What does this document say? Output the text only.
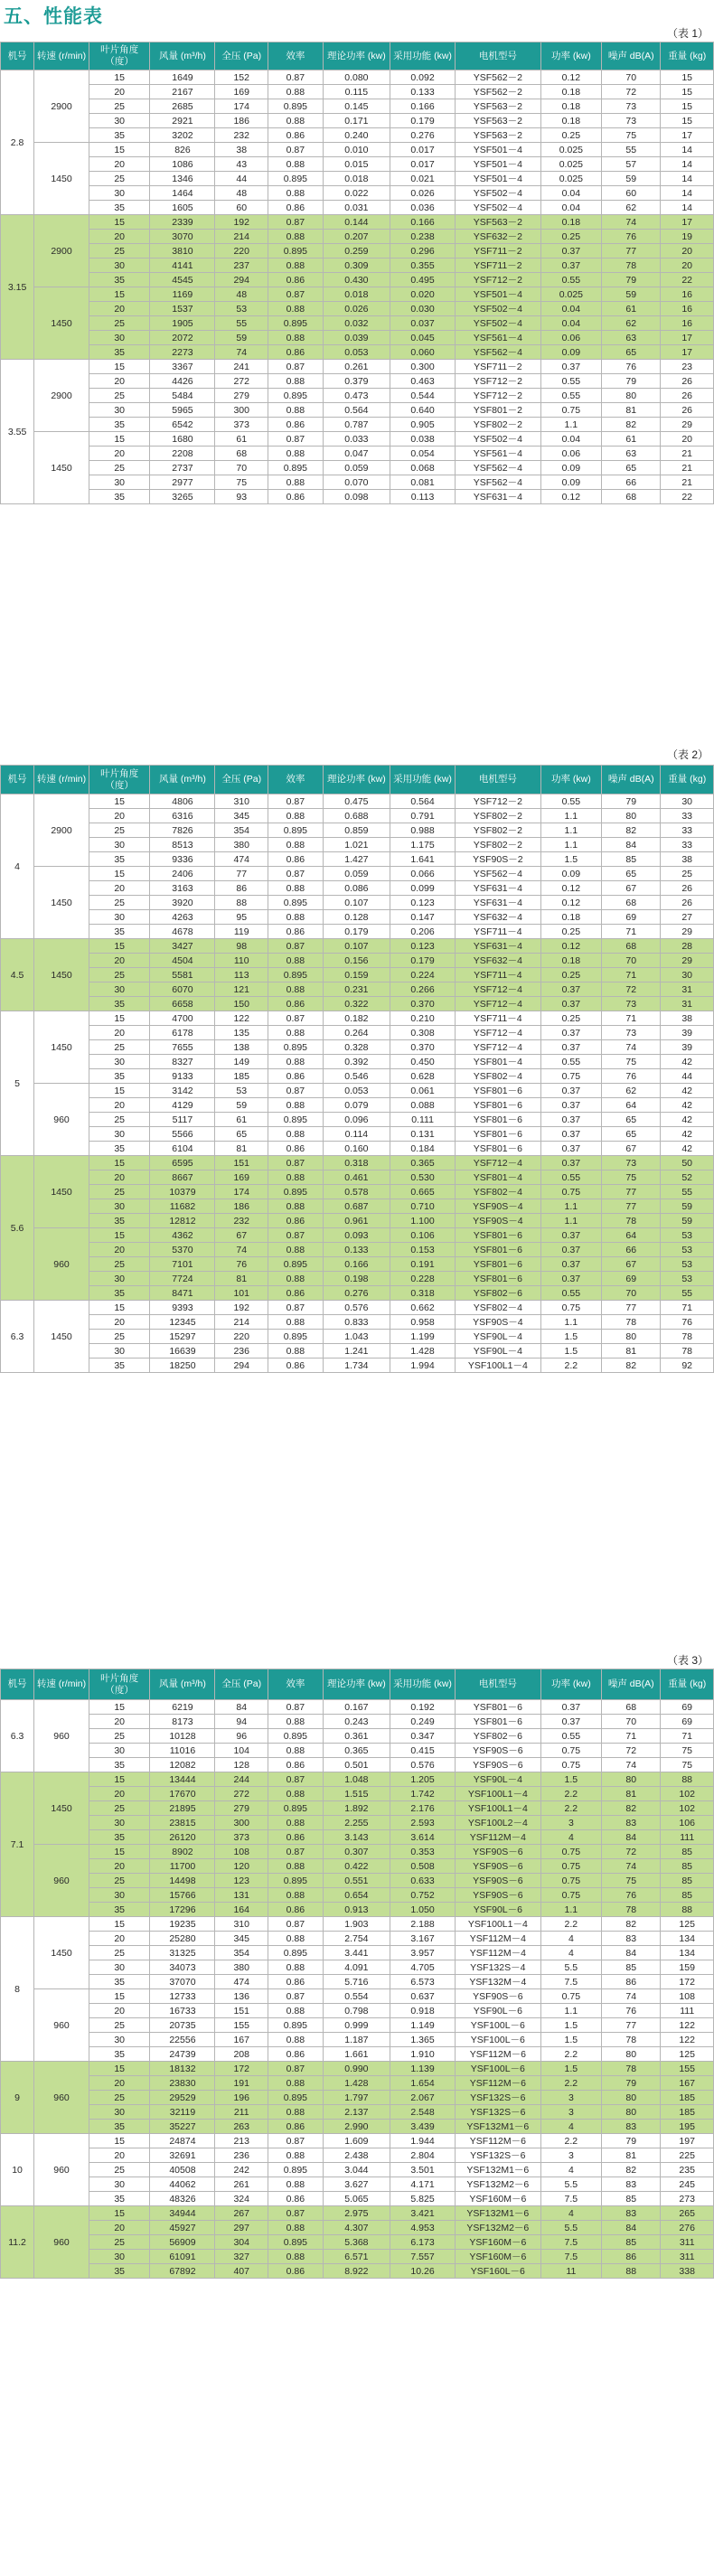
五、性能表
（表 1）
机号	转速 (r/min)	叶片角度 （度）	风量 (m³/h)	全压 (Pa)	效率	理论功率 (kw)	采用功能 (kw)	电机型号	功率 (kw)	噪声 dB(A)	重量 (kg)
2.8	2900	15	1649	152	0.87	0.080	0.092	YSF562－2	0.12	70	15
		20	2167	169	0.88	0.115	0.133	YSF562－2	0.18	72	15
		25	2685	174	0.895	0.145	0.166	YSF563－2	0.18	73	15
		30	2921	186	0.88	0.171	0.179	YSF563－2	0.18	73	15
		35	3202	232	0.86	0.240	0.276	YSF563－2	0.25	75	17
	1450	15	826	38	0.87	0.010	0.017	YSF501－4	0.025	55	14
		20	1086	43	0.88	0.015	0.017	YSF501－4	0.025	57	14
		25	1346	44	0.895	0.018	0.021	YSF501－4	0.025	59	14
		30	1464	48	0.88	0.022	0.026	YSF502－4	0.04	60	14
		35	1605	60	0.86	0.031	0.036	YSF502－4	0.04	62	14
3.15	2900	15	2339	192	0.87	0.144	0.166	YSF563－2	0.18	74	17
		20	3070	214	0.88	0.207	0.238	YSF632－2	0.25	76	19
		25	3810	220	0.895	0.259	0.296	YSF711－2	0.37	77	20
		30	4141	237	0.88	0.309	0.355	YSF711－2	0.37	78	20
		35	4545	294	0.86	0.430	0.495	YSF712－2	0.55	79	22
	1450	15	1169	48	0.87	0.018	0.020	YSF501－4	0.025	59	16
		20	1537	53	0.88	0.026	0.030	YSF502－4	0.04	61	16
		25	1905	55	0.895	0.032	0.037	YSF502－4	0.04	62	16
		30	2072	59	0.88	0.039	0.045	YSF561－4	0.06	63	17
		35	2273	74	0.86	0.053	0.060	YSF562－4	0.09	65	17
3.55	2900	15	3367	241	0.87	0.261	0.300	YSF711－2	0.37	76	23
		20	4426	272	0.88	0.379	0.463	YSF712－2	0.55	79	26
		25	5484	279	0.895	0.473	0.544	YSF712－2	0.55	80	26
		30	5965	300	0.88	0.564	0.640	YSF801－2	0.75	81	26
		35	6542	373	0.86	0.787	0.905	YSF802－2	1.1	82	29
	1450	15	1680	61	0.87	0.033	0.038	YSF502－4	0.04	61	20
		20	2208	68	0.88	0.047	0.054	YSF561－4	0.06	63	21
		25	2737	70	0.895	0.059	0.068	YSF562－4	0.09	65	21
		30	2977	75	0.88	0.070	0.081	YSF562－4	0.09	66	21
		35	3265	93	0.86	0.098	0.113	YSF631－4	0.12	68	22
（表 2）
机号	转速 (r/min)	叶片角度 （度）	风量 (m³/h)	全压 (Pa)	效率	理论功率 (kw)	采用功能 (kw)	电机型号	功率 (kw)	噪声 dB(A)	重量 (kg)
4	2900	15	4806	310	0.87	0.475	0.564	YSF712－2	0.55	79	30
		20	6316	345	0.88	0.688	0.791	YSF802－2	1.1	80	33
		25	7826	354	0.895	0.859	0.988	YSF802－2	1.1	82	33
		30	8513	380	0.88	1.021	1.175	YSF802－2	1.1	84	33
		35	9336	474	0.86	1.427	1.641	YSF90S－2	1.5	85	38
	1450	15	2406	77	0.87	0.059	0.066	YSF562－4	0.09	65	25
		20	3163	86	0.88	0.086	0.099	YSF631－4	0.12	67	26
		25	3920	88	0.895	0.107	0.123	YSF631－4	0.12	68	26
		30	4263	95	0.88	0.128	0.147	YSF632－4	0.18	69	27
		35	4678	119	0.86	0.179	0.206	YSF711－4	0.25	71	29
4.5	1450	15	3427	98	0.87	0.107	0.123	YSF631－4	0.12	68	28
		20	4504	110	0.88	0.156	0.179	YSF632－4	0.18	70	29
		25	5581	113	0.895	0.159	0.224	YSF711－4	0.25	71	30
		30	6070	121	0.88	0.231	0.266	YSF712－4	0.37	72	31
		35	6658	150	0.86	0.322	0.370	YSF712－4	0.37	73	31
5	1450	15	4700	122	0.87	0.182	0.210	YSF711－4	0.25	71	38
		20	6178	135	0.88	0.264	0.308	YSF712－4	0.37	73	39
		25	7655	138	0.895	0.328	0.370	YSF712－4	0.37	74	39
		30	8327	149	0.88	0.392	0.450	YSF801－4	0.55	75	42
		35	9133	185	0.86	0.546	0.628	YSF802－4	0.75	76	44
	960	15	3142	53	0.87	0.053	0.061	YSF801－6	0.37	62	42
		20	4129	59	0.88	0.079	0.088	YSF801－6	0.37	64	42
		25	5117	61	0.895	0.096	0.111	YSF801－6	0.37	65	42
		30	5566	65	0.88	0.114	0.131	YSF801－6	0.37	65	42
		35	6104	81	0.86	0.160	0.184	YSF801－6	0.37	67	42
5.6	1450	15	6595	151	0.87	0.318	0.365	YSF712－4	0.37	73	50
		20	8667	169	0.88	0.461	0.530	YSF801－4	0.55	75	52
		25	10379	174	0.895	0.578	0.665	YSF802－4	0.75	77	55
		30	11682	186	0.88	0.687	0.710	YSF90S－4	1.1	77	59
		35	12812	232	0.86	0.961	1.100	YSF90S－4	1.1	78	59
	960	15	4362	67	0.87	0.093	0.106	YSF801－6	0.37	64	53
		20	5370	74	0.88	0.133	0.153	YSF801－6	0.37	66	53
		25	7101	76	0.895	0.166	0.191	YSF801－6	0.37	67	53
		30	7724	81	0.88	0.198	0.228	YSF801－6	0.37	69	53
		35	8471	101	0.86	0.276	0.318	YSF802－6	0.55	70	55
6.3	1450	15	9393	192	0.87	0.576	0.662	YSF802－4	0.75	77	71
		20	12345	214	0.88	0.833	0.958	YSF90S－4	1.1	78	76
		25	15297	220	0.895	1.043	1.199	YSF90L－4	1.5	80	78
		30	16639	236	0.88	1.241	1.428	YSF90L－4	1.5	81	78
		35	18250	294	0.86	1.734	1.994	YSF100L1－4	2.2	82	92
（表 3）
机号	转速 (r/min)	叶片角度 （度）	风量 (m³/h)	全压 (Pa)	效率	理论功率 (kw)	采用功能 (kw)	电机型号	功率 (kw)	噪声 dB(A)	重量 (kg)
6.3	960	15	6219	84	0.87	0.167	0.192	YSF801－6	0.37	68	69
		20	8173	94	0.88	0.243	0.249	YSF801－6	0.37	70	69
		25	10128	96	0.895	0.361	0.347	YSF802－6	0.55	71	71
		30	11016	104	0.88	0.365	0.415	YSF90S－6	0.75	72	75
		35	12082	128	0.86	0.501	0.576	YSF90S－6	0.75	74	75
7.1	1450	15	13444	244	0.87	1.048	1.205	YSF90L－4	1.5	80	88
		20	17670	272	0.88	1.515	1.742	YSF100L1－4	2.2	81	102
		25	21895	279	0.895	1.892	2.176	YSF100L1－4	2.2	82	102
		30	23815	300	0.88	2.255	2.593	YSF100L2－4	3	83	106
		35	26120	373	0.86	3.143	3.614	YSF112M－4	4	84	111
	960	15	8902	108	0.87	0.307	0.353	YSF90S－6	0.75	72	85
		20	11700	120	0.88	0.422	0.508	YSF90S－6	0.75	74	85
		25	14498	123	0.895	0.551	0.633	YSF90S－6	0.75	75	85
		30	15766	131	0.88	0.654	0.752	YSF90S－6	0.75	76	85
		35	17296	164	0.86	0.913	1.050	YSF90L－6	1.1	78	88
8	1450	15	19235	310	0.87	1.903	2.188	YSF100L1－4	2.2	82	125
		20	25280	345	0.88	2.754	3.167	YSF112M－4	4	83	134
		25	31325	354	0.895	3.441	3.957	YSF112M－4	4	84	134
		30	34073	380	0.88	4.091	4.705	YSF132S－4	5.5	85	159
		35	37070	474	0.86	5.716	6.573	YSF132M－4	7.5	86	172
	960	15	12733	136	0.87	0.554	0.637	YSF90S－6	0.75	74	108
		20	16733	151	0.88	0.798	0.918	YSF90L－6	1.1	76	111
		25	20735	155	0.895	0.999	1.149	YSF100L－6	1.5	77	122
		30	22556	167	0.88	1.187	1.365	YSF100L－6	1.5	78	122
		35	24739	208	0.86	1.661	1.910	YSF112M－6	2.2	80	125
9	960	15	18132	172	0.87	0.990	1.139	YSF100L－6	1.5	78	155
		20	23830	191	0.88	1.428	1.654	YSF112M－6	2.2	79	167
		25	29529	196	0.895	1.797	2.067	YSF132S－6	3	80	185
		30	32119	211	0.88	2.137	2.548	YSF132S－6	3	80	185
		35	35227	263	0.86	2.990	3.439	YSF132M1－6	4	83	195
10	960	15	24874	213	0.87	1.609	1.944	YSF112M－6	2.2	79	197
		20	32691	236	0.88	2.438	2.804	YSF132S－6	3	81	225
		25	40508	242	0.895	3.044	3.501	YSF132M1－6	4	82	235
		30	44062	261	0.88	3.627	4.171	YSF132M2－6	5.5	83	245
		35	48326	324	0.86	5.065	5.825	YSF160M－6	7.5	85	273
11.2	960	15	34944	267	0.87	2.975	3.421	YSF132M1－6	4	83	265
		20	45927	297	0.88	4.307	4.953	YSF132M2－6	5.5	84	276
		25	56909	304	0.895	5.368	6.173	YSF160M－6	7.5	85	311
		30	61091	327	0.88	6.571	7.557	YSF160M－6	7.5	86	311
		35	67892	407	0.86	8.922	10.26	YSF160L－6	11	88	338
